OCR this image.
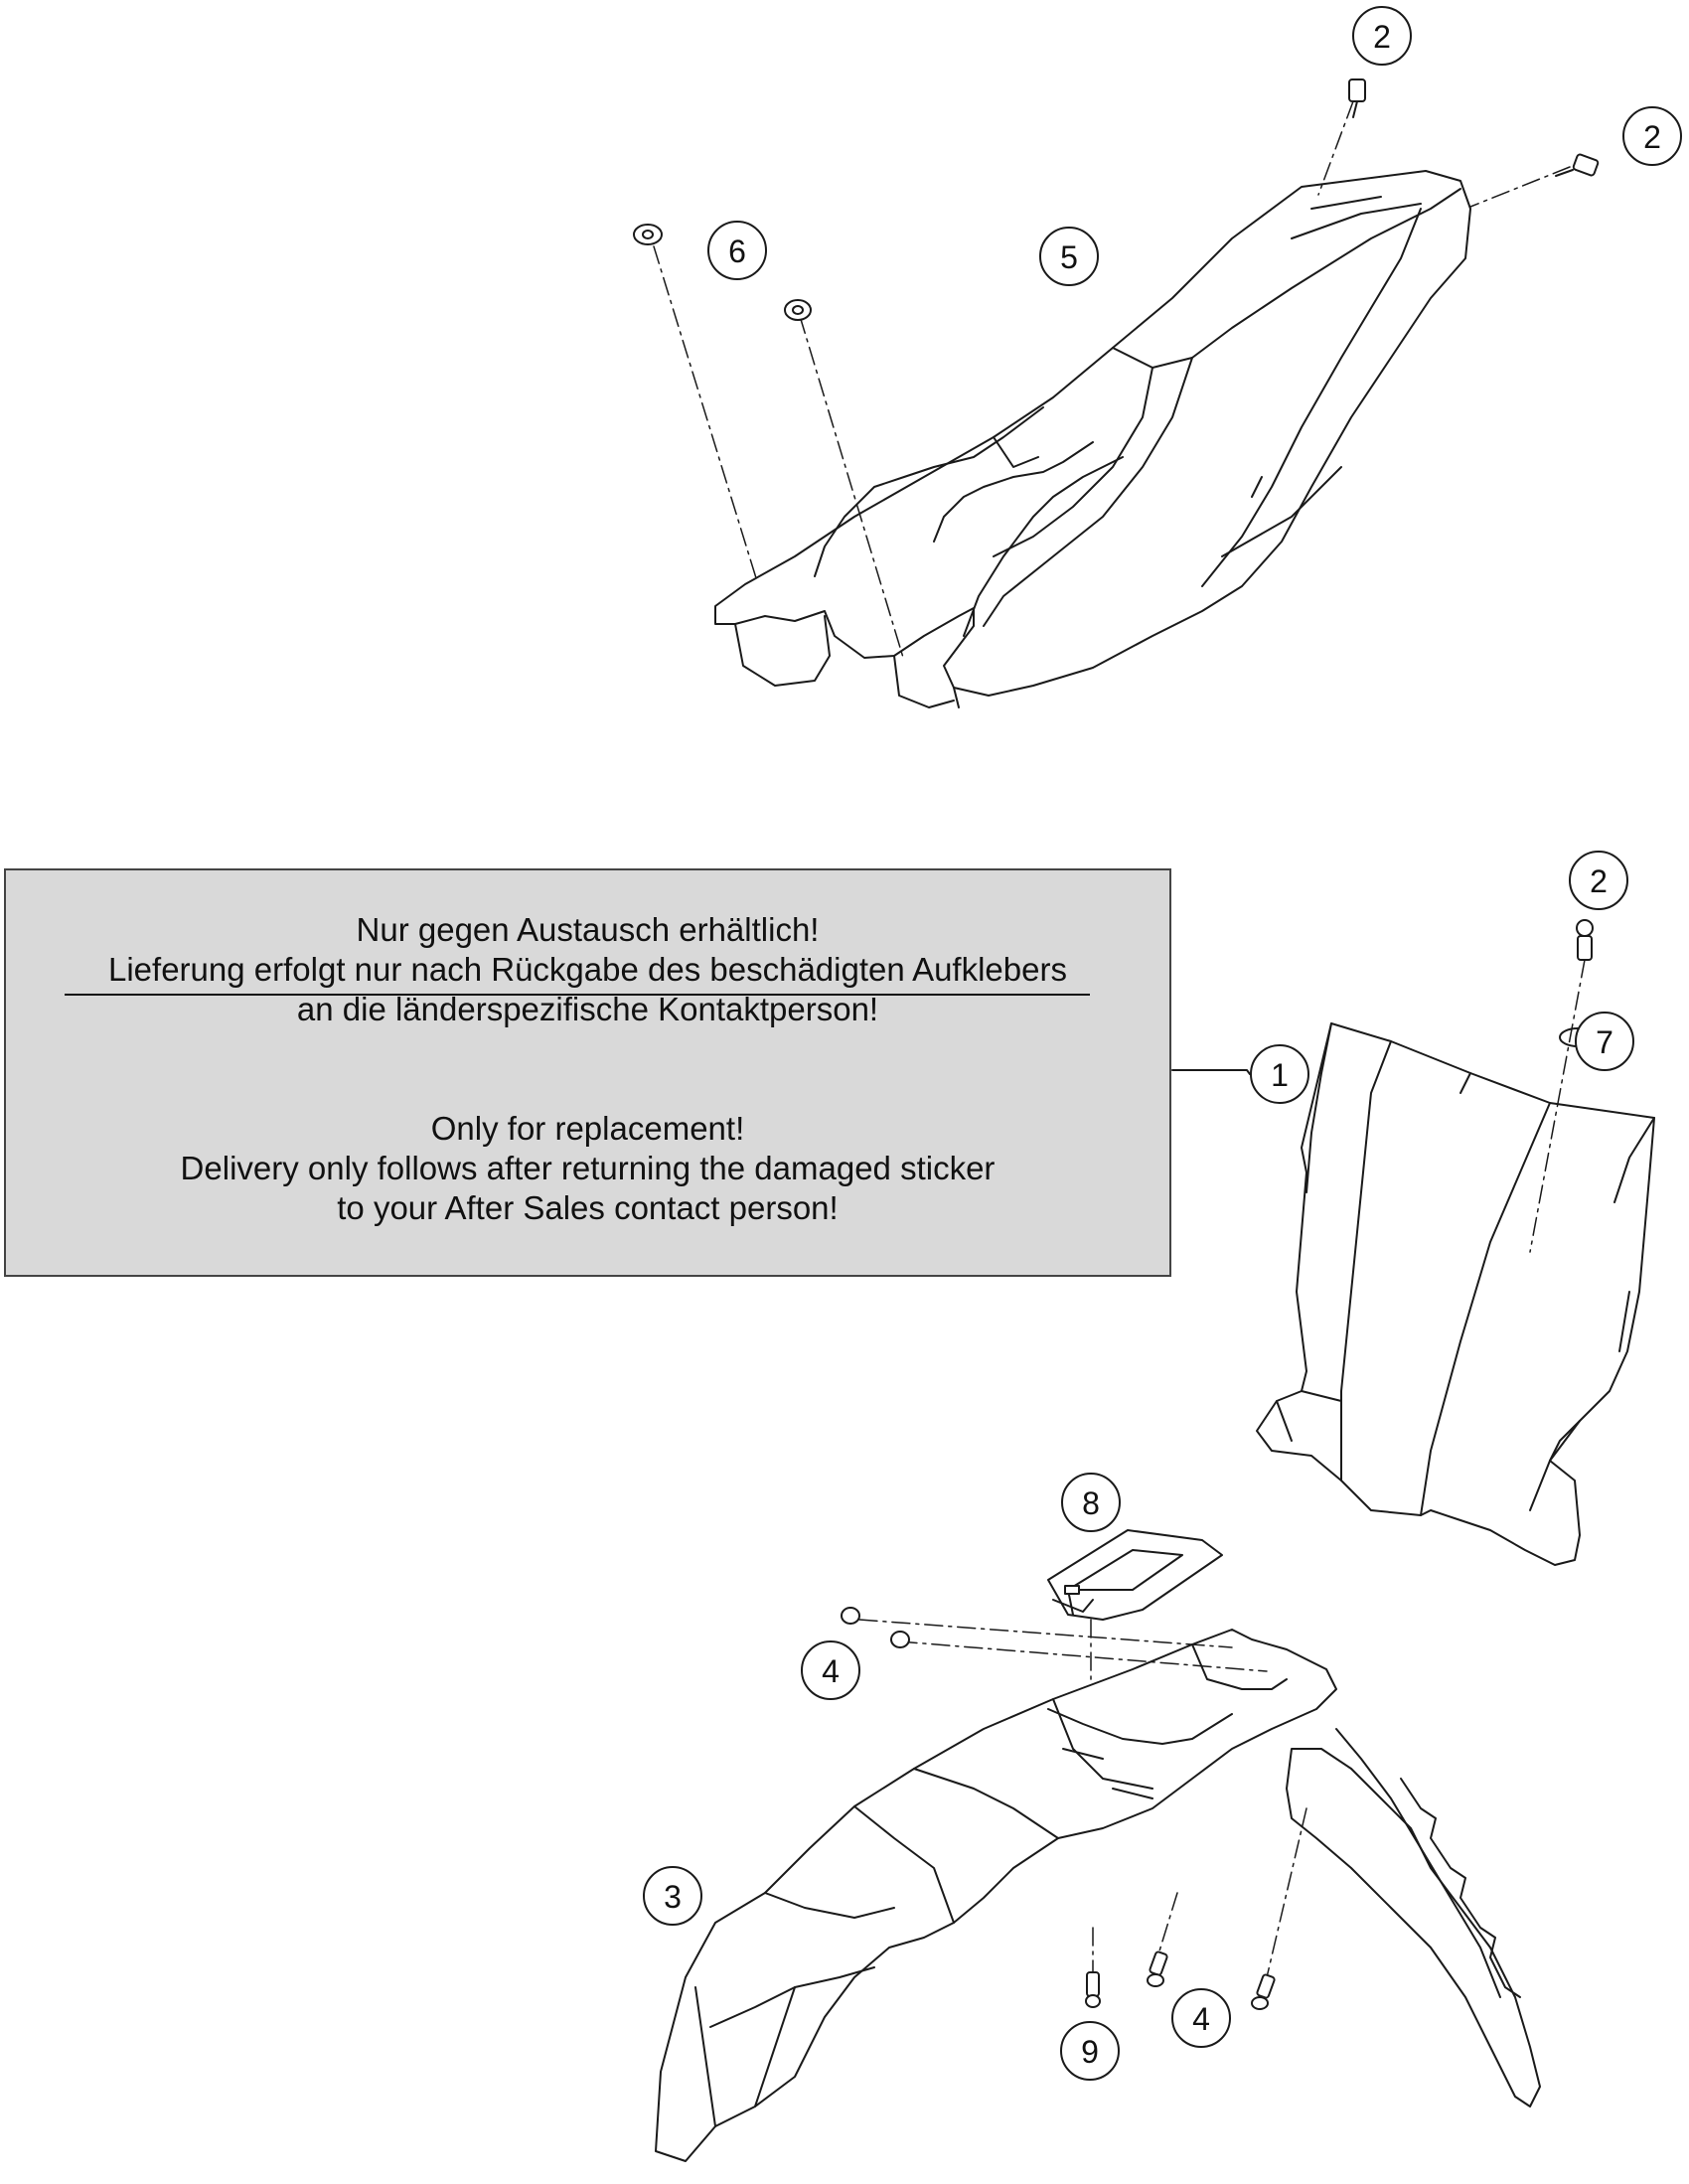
2
2
6	5
2
7
1
8
4
3
4
9
Nur gegen Austausch erhältlich!
Lieferung erfolgt nur nach Rückgabe des beschädigten Aufklebers
an die länderspezifische Kontaktperson!
Only for replacement!
Delivery only follows after returning the damaged sticker
to your After Sales contact person!
